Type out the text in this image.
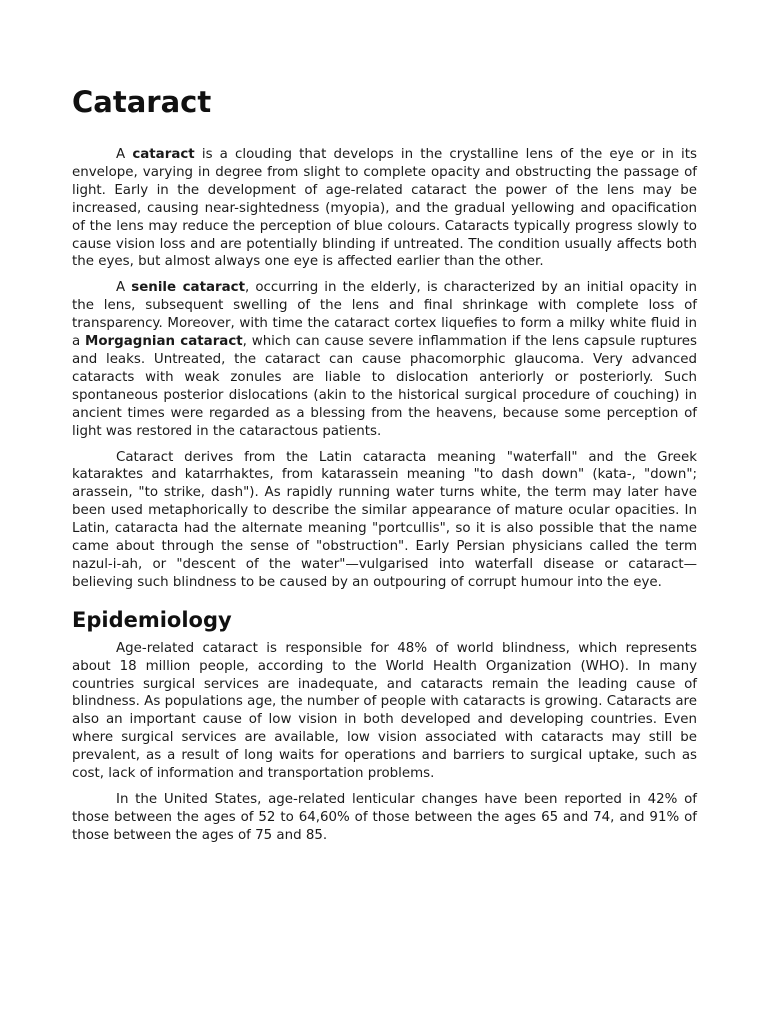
Cataract

A cataract is a clouding that develops in the crystalline lens of the eye or in its envelope, varying in degree from slight to complete opacity and obstructing the passage of light. Early in the development of age-related cataract the power of the lens may be increased, causing near-sightedness (myopia), and the gradual yellowing and opacification of the lens may reduce the perception of blue colours. Cataracts typically progress slowly to cause vision loss and are potentially blinding if untreated. The condition usually affects both the eyes, but almost always one eye is affected earlier than the other.

A senile cataract, occurring in the elderly, is characterized by an initial opacity in the lens, subsequent swelling of the lens and final shrinkage with complete loss of transparency. Moreover, with time the cataract cortex liquefies to form a milky white fluid in a Morgagnian cataract, which can cause severe inflammation if the lens capsule ruptures and leaks. Untreated, the cataract can cause phacomorphic glaucoma. Very advanced cataracts with weak zonules are liable to dislocation anteriorly or posteriorly. Such spontaneous posterior dislocations (akin to the historical surgical procedure of couching) in ancient times were regarded as a blessing from the heavens, because some perception of light was restored in the cataractous patients.

Cataract derives from the Latin cataracta meaning "waterfall" and the Greek kataraktes and katarrhaktes, from katarassein meaning "to dash down" (kata-, "down"; arassein, "to strike, dash"). As rapidly running water turns white, the term may later have been used metaphorically to describe the similar appearance of mature ocular opacities. In Latin, cataracta had the alternate meaning "portcullis", so it is also possible that the name came about through the sense of "obstruction". Early Persian physicians called the term nazul-i-ah, or "descent of the water"—vulgarised into waterfall disease or cataract—believing such blindness to be caused by an outpouring of corrupt humour into the eye.

Epidemiology

Age-related cataract is responsible for 48% of world blindness, which represents about 18 million people, according to the World Health Organization (WHO). In many countries surgical services are inadequate, and cataracts remain the leading cause of blindness. As populations age, the number of people with cataracts is growing. Cataracts are also an important cause of low vision in both developed and developing countries. Even where surgical services are available, low vision associated with cataracts may still be prevalent, as a result of long waits for operations and barriers to surgical uptake, such as cost, lack of information and transportation problems.

In the United States, age-related lenticular changes have been reported in 42% of those between the ages of 52 to 64,60% of those between the ages 65 and 74, and 91% of those between the ages of 75 and 85.
